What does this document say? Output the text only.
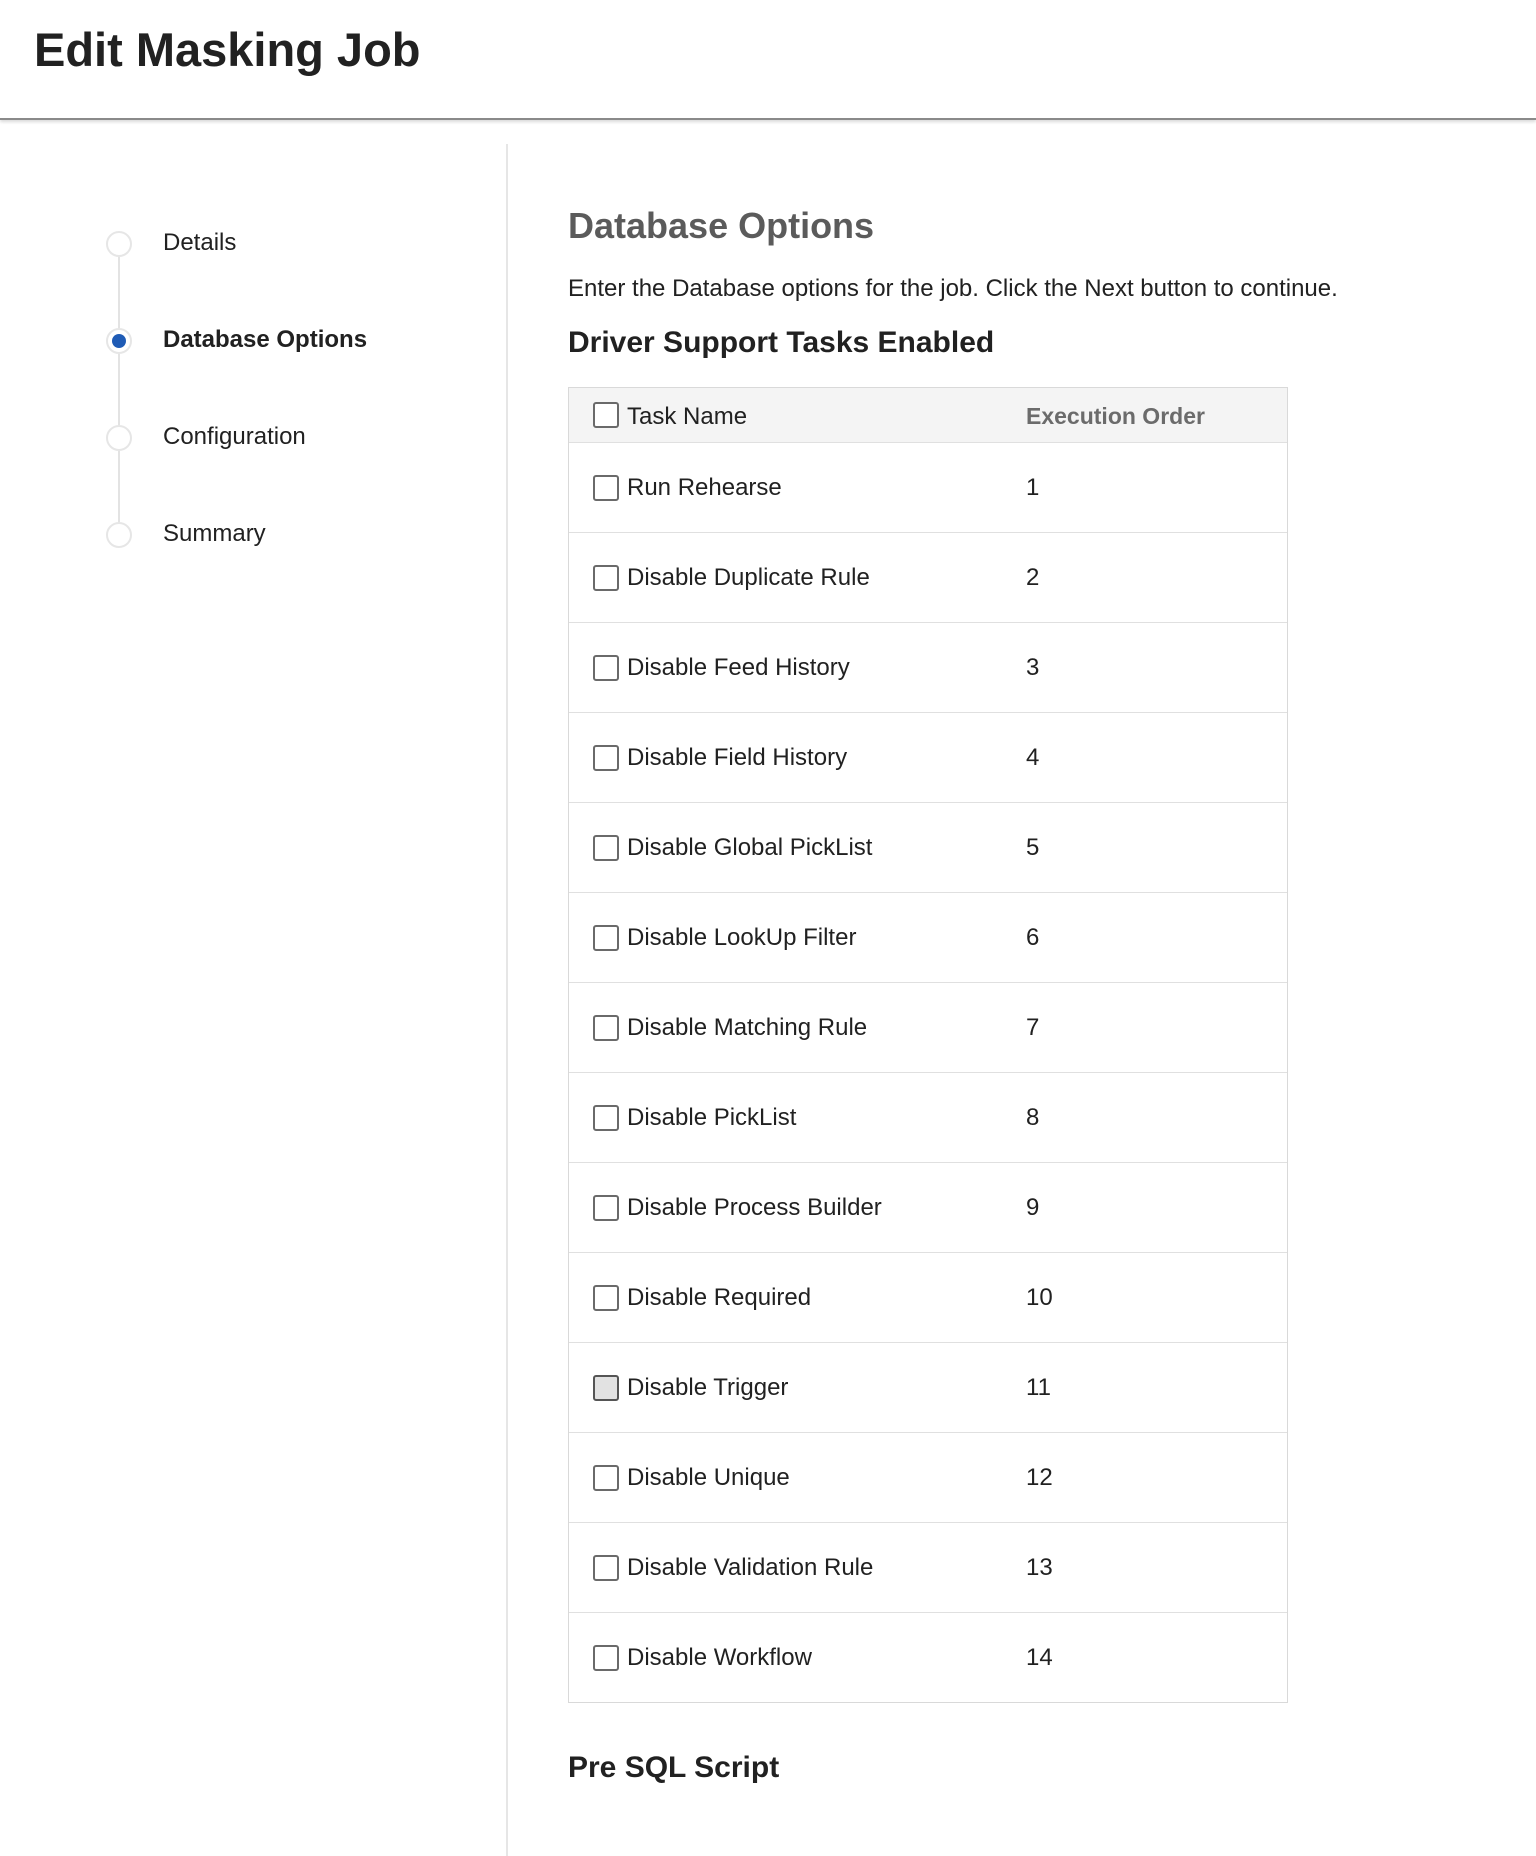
Edit Masking Job
Details
Database Options
Configuration
Summary
Database Options
Enter the Database options for the job. Click the Next button to continue.
Driver Support Tasks Enabled
Task Name	Execution Order
Run Rehearse	1
Disable Duplicate Rule	2
Disable Feed History	3
Disable Field History	4
Disable Global PickList	5
Disable LookUp Filter	6
Disable Matching Rule	7
Disable PickList	8
Disable Process Builder	9
Disable Required	10
Disable Trigger	11
Disable Unique	12
Disable Validation Rule	13
Disable Workflow	14
Pre SQL Script
